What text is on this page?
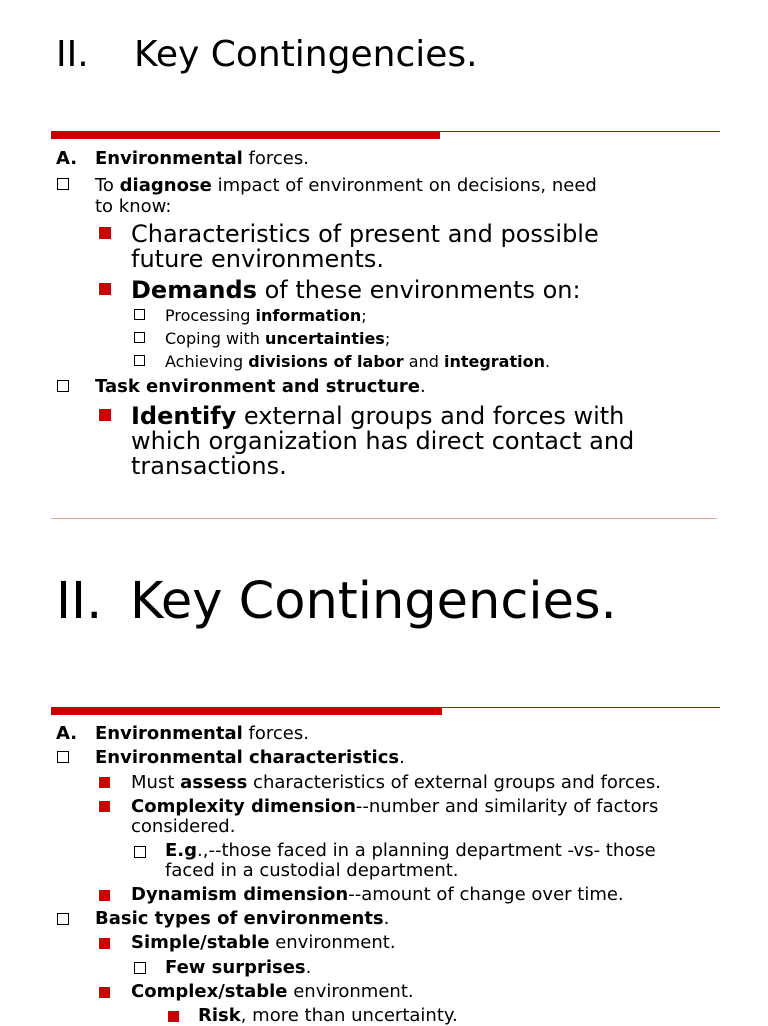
II.	Key Contingencies.
A. Environmental forces.
To diagnose impact of environment on decisions, need
to know:
Characteristics of present and possible
future environments.
Demands of these environments on:
Processing information;
Coping with uncertainties;
Achieving divisions of labor and integration.
Task environment and structure.
Identify external groups and forces with
which organization has direct contact and
transactions.
II. Key Contingencies.
A. Environmental forces.
Environmental characteristics.
Must assess characteristics of external groups and forces.
Complexity dimension--number and similarity of factors
considered.
E.g.,--those faced in a planning department -vs- those
faced in a custodial department.
Dynamism dimension--amount of change over time.
Basic types of environments.
Simple/stable environment.
Few surprises.
Complex/stable environment.
Risk, more than uncertainty.
